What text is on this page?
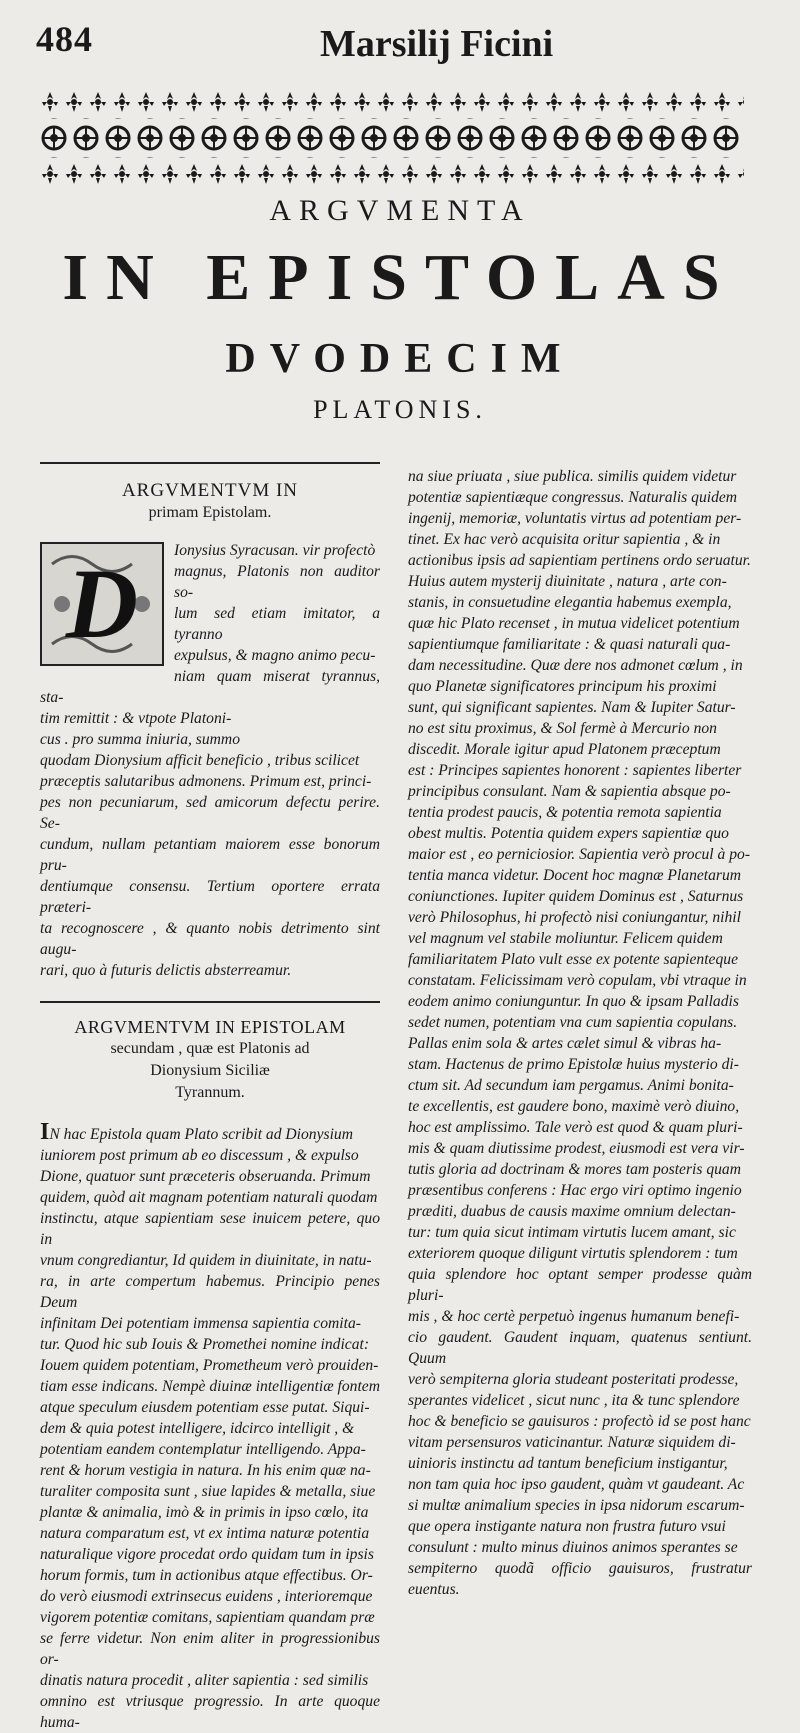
484	Marsilij Ficini
ARGVMENTA
IN EPISTOLAS
DVODECIM
PLATONIS.
ARGVMENTVM IN
primam Epistolam.
D	Ionysius Syracusan. vir profectò
magnus, Platonis non auditor so-
lum sed etiam imitator, a tyranno
expulsus, & magno animo pecu-
niam quam miserat tyrannus, sta-
tim remittit : & vtpote Platoni-
cus . pro summa iniuria, summo
quodam Dionysium afficit beneficio , tribus scilicet
præceptis salutaribus admonens. Primum est, princi-
pes non pecuniarum, sed amicorum defectu perire. Se-
cundum, nullam petantiam maiorem esse bonorum pru-
dentiumque consensu. Tertium oportere errata præteri-
ta recognoscere , & quanto nobis detrimento sint augu-
rari, quo à futuris delictis absterreamur.
ARGVMENTVM IN EPISTOLAM
secundam , quæ est Platonis ad
Dionysium Siciliæ
Tyrannum.
IN hac Epistola quam Plato scribit ad Dionysium
iuniorem post primum ab eo discessum , & expulso
Dione, quatuor sunt præceteris obseruanda. Primum
quidem, quòd ait magnam potentiam naturali quodam
instinctu, atque sapientiam sese inuicem petere, quo in
vnum congrediantur, Id quidem in diuinitate, in natu-
ra, in arte compertum habemus. Principio penes Deum
infinitam Dei potentiam immensa sapientia comita-
tur. Quod hic sub Iouis & Promethei nomine indicat:
Iouem quidem potentiam, Prometheum verò prouiden-
tiam esse indicans. Nempè diuinæ intelligentiæ fontem
atque speculum eiusdem potentiam esse putat. Siqui-
dem & quia potest intelligere, idcirco intelligit , &
potentiam eandem contemplatur intelligendo. Appa-
rent & horum vestigia in natura. In his enim quæ na-
turaliter composita sunt , siue lapides & metalla, siue
plantæ & animalia, imò & in primis in ipso cœlo, ita
natura comparatum est, vt ex intima naturæ potentia
naturalique vigore procedat ordo quidam tum in ipsis
horum formis, tum in actionibus atque effectibus. Or-
do verò eiusmodi extrinsecus euidens , interioremque
vigorem potentiæ comitans, sapientiam quandam præ
se ferre videtur. Non enim aliter in progressionibus or-
dinatis natura procedit , aliter sapientia : sed similis
omnino est vtriusque progressio. In arte quoque huma-
na siue priuata , siue publica. similis quidem videtur
potentiæ sapientiæque congressus. Naturalis quidem
ingenij, memoriæ, voluntatis virtus ad potentiam per-
tinet. Ex hac verò acquisita oritur sapientia , & in
actionibus ipsis ad sapientiam pertinens ordo seruatur.
Huius autem mysterij diuinitate , natura , arte con-
stanis, in consuetudine elegantia habemus exempla,
quæ hic Plato recenset , in mutua videlicet potentium
sapientiumque familiaritate : & quasi naturali qua-
dam necessitudine. Quæ dere nos admonet cœlum , in
quo Planetæ significatores principum his proximi
sunt, qui significant sapientes. Nam & Iupiter Satur-
no est situ proximus, & Sol fermè à Mercurio non
discedit. Morale igitur apud Platonem præceptum
est : Principes sapientes honorent : sapientes liberter
principibus consulant. Nam & sapientia absque po-
tentia prodest paucis, & potentia remota sapientia
obest multis. Potentia quidem expers sapientiæ quo
maior est , eo perniciosior. Sapientia verò procul à po-
tentia manca videtur. Docent hoc magnæ Planetarum
coniunctiones. Iupiter quidem Dominus est , Saturnus
verò Philosophus, hi profectò nisi coniungantur, nihil
vel magnum vel stabile moliuntur. Felicem quidem
familiaritatem Plato vult esse ex potente sapienteque
constatam. Felicissimam verò copulam, vbi vtraque in
eodem animo coniunguntur. In quo & ipsam Palladis
sedet numen, potentiam vna cum sapientia copulans.
Pallas enim sola & artes cælet simul & vibras ha-
stam. Hactenus de primo Epistolæ huius mysterio di-
ctum sit. Ad secundum iam pergamus. Animi bonita-
te excellentis, est gaudere bono, maximè verò diuino,
hoc est amplissimo. Tale verò est quod & quam pluri-
mis & quam diutissime prodest, eiusmodi est vera vir-
tutis gloria ad doctrinam & mores tam posteris quam
præsentibus conferens : Hac ergo viri optimo ingenio
præditi, duabus de causis maxime omnium delectan-
tur: tum quia sicut intimam virtutis lucem amant, sic
exteriorem quoque diligunt virtutis splendorem : tum
quia splendore hoc optant semper prodesse quàm pluri-
mis , & hoc certè perpetuò ingenus humanum benefi-
cio gaudent. Gaudent inquam, quatenus sentiunt. Quum
verò sempiterna gloria studeant posteritati prodesse,
sperantes videlicet , sicut nunc , ita & tunc splendore
hoc & beneficio se gauisuros : profectò id se post hanc
vitam persensuros vaticinantur. Naturæ siquidem di-
uinioris instinctu ad tantum beneficium instigantur,
non tam quia hoc ipso gaudent, quàm vt gaudeant. Ac
si multæ animalium species in ipsa nidorum escarum-
que opera instigante natura non frustra futuro vsui
consulunt : multo minus diuinos animos sperantes se
sempiterno quodã officio gauisuros, frustratur euentus.
